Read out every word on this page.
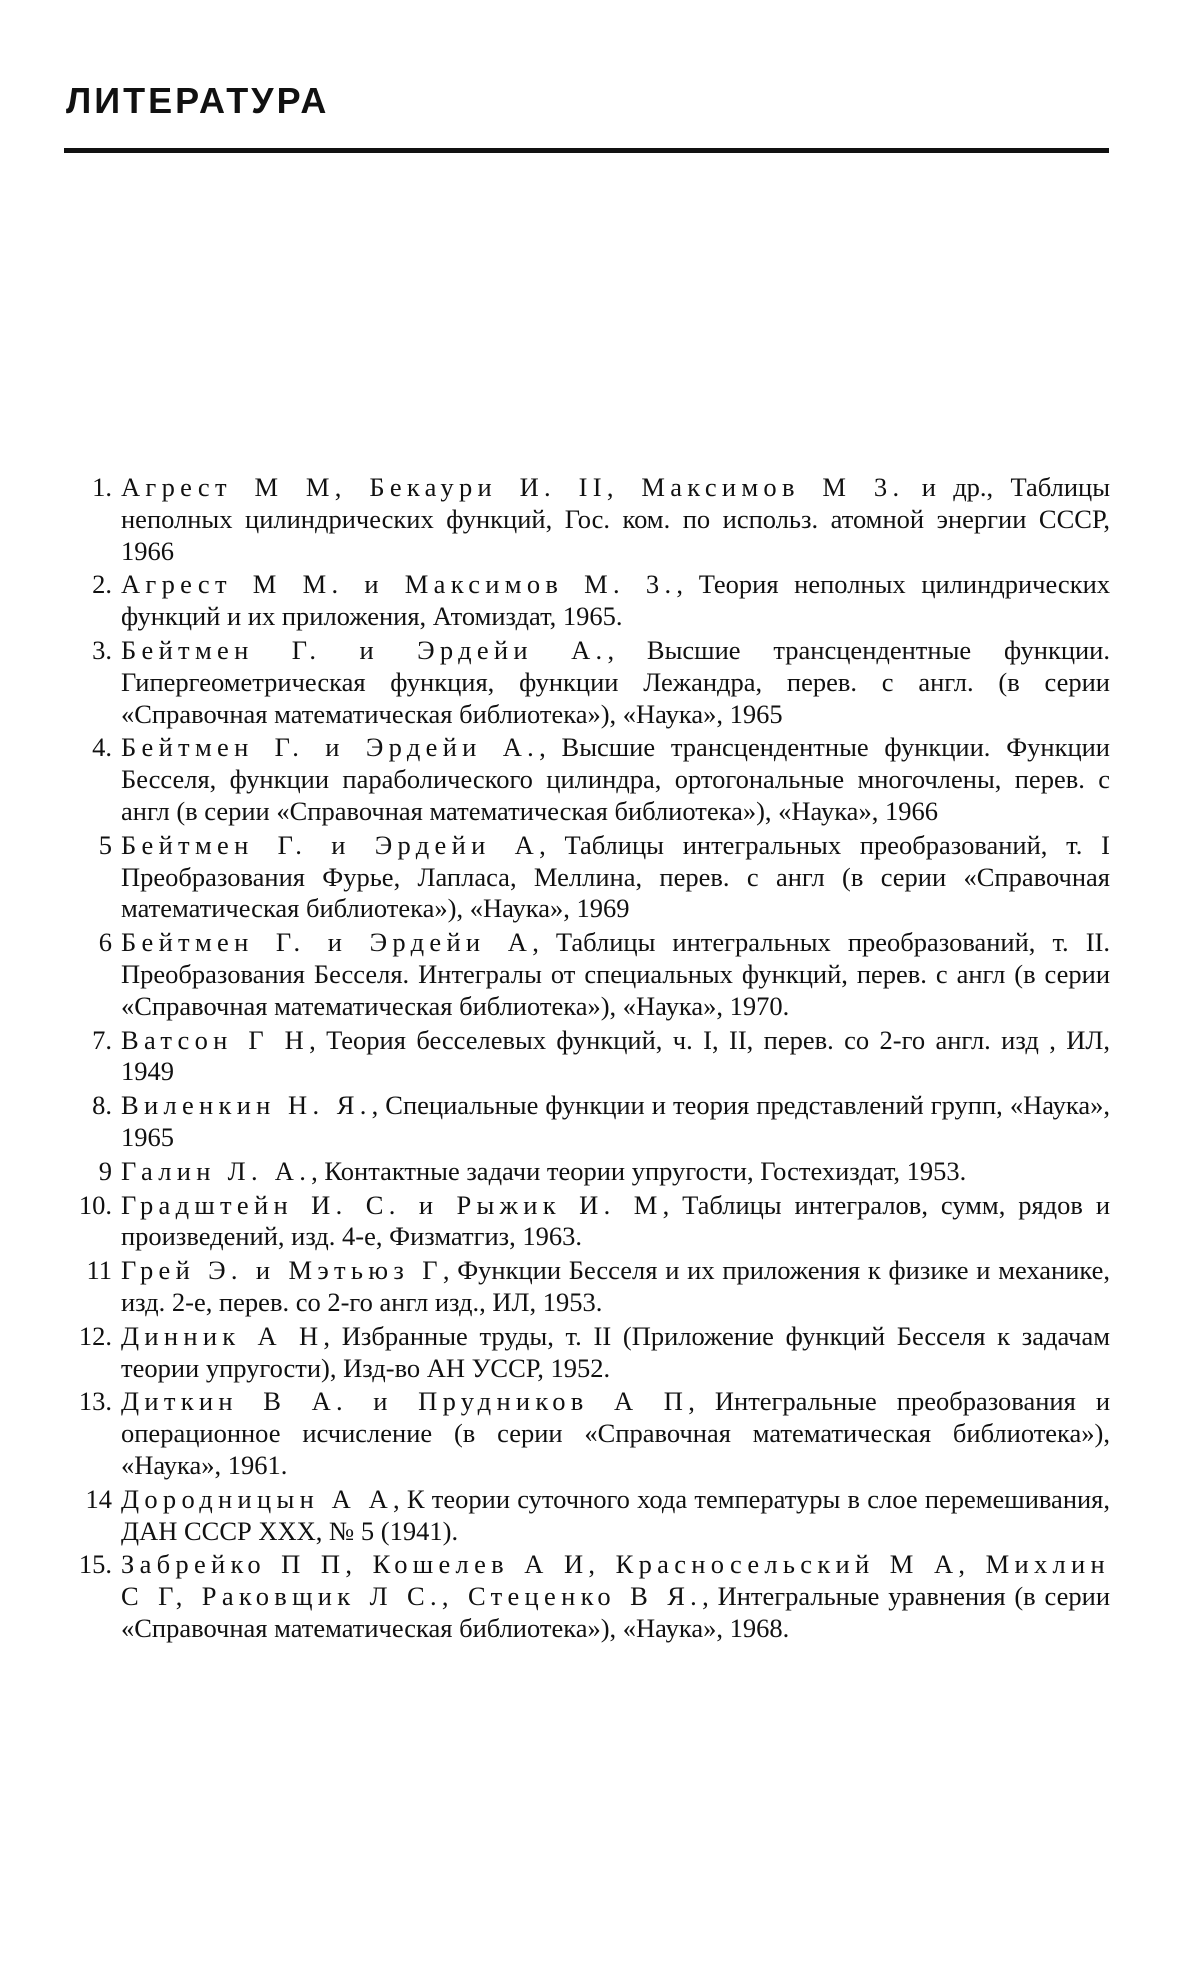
ЛИТЕРАТУРА
1. Агрест М М, Бекаури И. II, Максимов М 3. и др., Таблицы неполных цилиндрических функций, Гос. ком. по использ. атомной энергии СССР, 1966
2. Агрест М М. и Максимов М. 3., Теория неполных цилиндрических функций и их приложения, Атомиздат, 1965.
3. Бейтмен Г. и Эрдейи А., Высшие трансцендентные функции. Гипергеометрическая функция, функции Лежандра, перев. с англ. (в серии «Справочная математическая библиотека»), «Наука», 1965
4. Бейтмен Г. и Эрдейи А., Высшие трансцендентные функции. Функции Бесселя, функции параболического цилиндра, ортогональные многочлены, перев. с англ (в серии «Справочная математическая библиотека»), «Наука», 1966
5 Бейтмен Г. и Эрдейи А, Таблицы интегральных преобразований, т. I Преобразования Фурье, Лапласа, Меллина, перев. с англ (в серии «Справочная математическая библиотека»), «Наука», 1969
6 Бейтмен Г. и Эрдейи А, Таблицы интегральных преобразований, т. II. Преобразования Бесселя. Интегралы от специальных функций, перев. с англ (в серии «Справочная математическая библиотека»), «Наука», 1970.
7. Ватсон Г Н, Теория бесселевых функций, ч. I, II, перев. со 2-го англ. изд , ИЛ, 1949
8. Виленкин Н. Я., Специальные функции и теория представлений групп, «Наука», 1965
9 Галин Л. А., Контактные задачи теории упругости, Гостехиздат, 1953.
10. Градштейн И. С. и Рыжик И. М, Таблицы интегралов, сумм, рядов и произведений, изд. 4-е, Физматгиз, 1963.
11 Грей Э. и Мэтьюз Г, Функции Бесселя и их приложения к физике и механике, изд. 2-е, перев. со 2-го англ изд., ИЛ, 1953.
12. Динник А Н, Избранные труды, т. II (Приложение функций Бесселя к задачам теории упругости), Изд-во АН УССР, 1952.
13. Диткин В А. и Прудников А П, Интегральные преобразования и операционное исчисление (в серии «Справочная математическая библиотека»), «Наука», 1961.
14 Дородницын А А, К теории суточного хода температуры в слое перемешивания, ДАН СССР XXX, № 5 (1941).
15. Забрейко П П, Кошелев А И, Красносельский М А, Михлин С Г, Раковщик Л С., Стеценко В Я., Интегральные уравнения (в серии «Справочная математическая библиотека»), «Наука», 1968.
